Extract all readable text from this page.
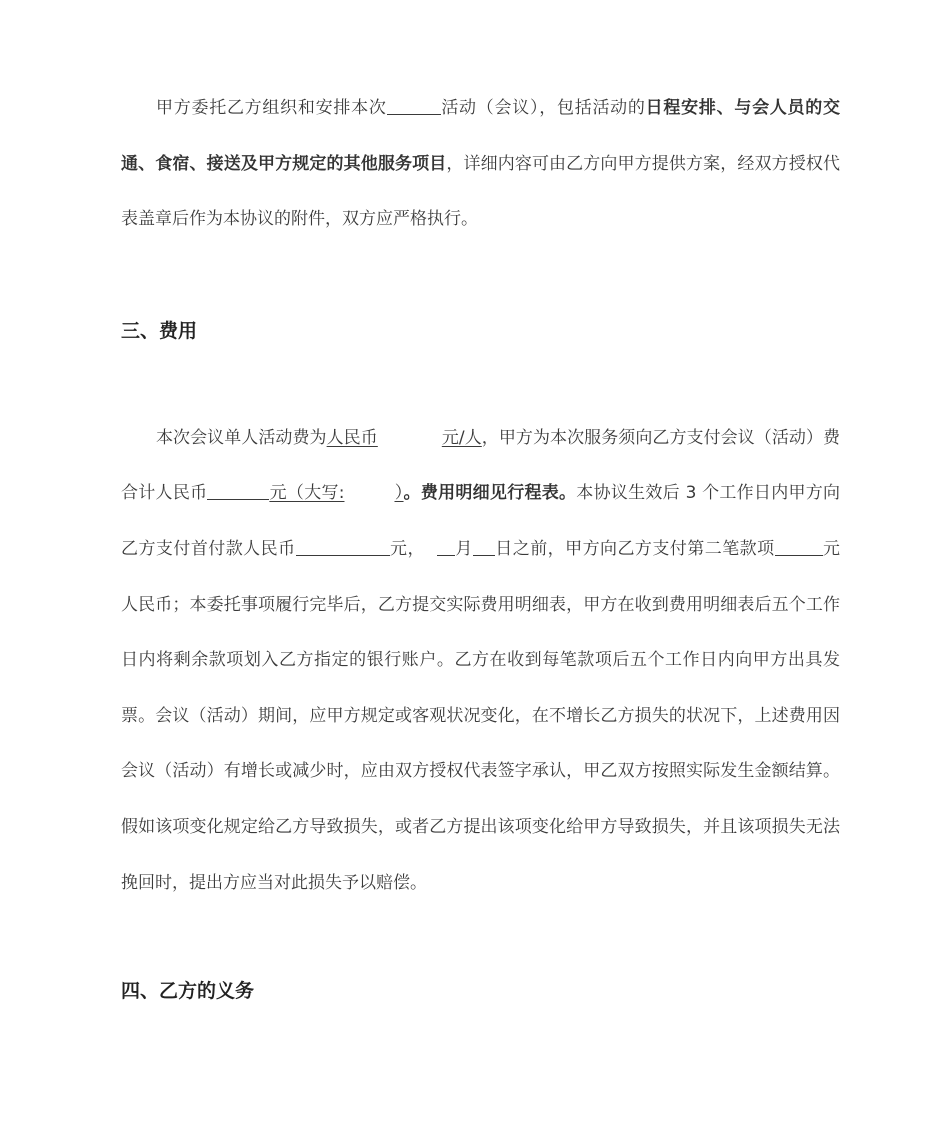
甲方委托乙方组织和安排本次	活动（会议），包括活动的日程安排、与会人员的交通、食宿、接送及甲方规定的其他服务项目，详细内容可由乙方向甲方提供方案，经双方授权代表盖章后作为本协议的附件，双方应严格执行。

三、费用

本次会议单人活动费为人民币	元/人，甲方为本次服务须向乙方支付会议（活动）费合计人民币	元（大写:	）。费用明细见行程表。本协议生效后 3 个工作日内甲方向乙方支付首付款人民币	元， 月 日之前，甲方向乙方支付第二笔款项	元人民币；本委托事项履行完毕后，乙方提交实际费用明细表，甲方在收到费用明细表后五个工作日内将剩余款项划入乙方指定的银行账户。乙方在收到每笔款项后五个工作日内向甲方出具发票。会议（活动）期间，应甲方规定或客观状况变化，在不增长乙方损失的状况下，上述费用因会议（活动）有增长或减少时，应由双方授权代表签字承认，甲乙双方按照实际发生金额结算。假如该项变化规定给乙方导致损失，或者乙方提出该项变化给甲方导致损失，并且该项损失无法挽回时，提出方应当对此损失予以赔偿。

四、乙方的义务
